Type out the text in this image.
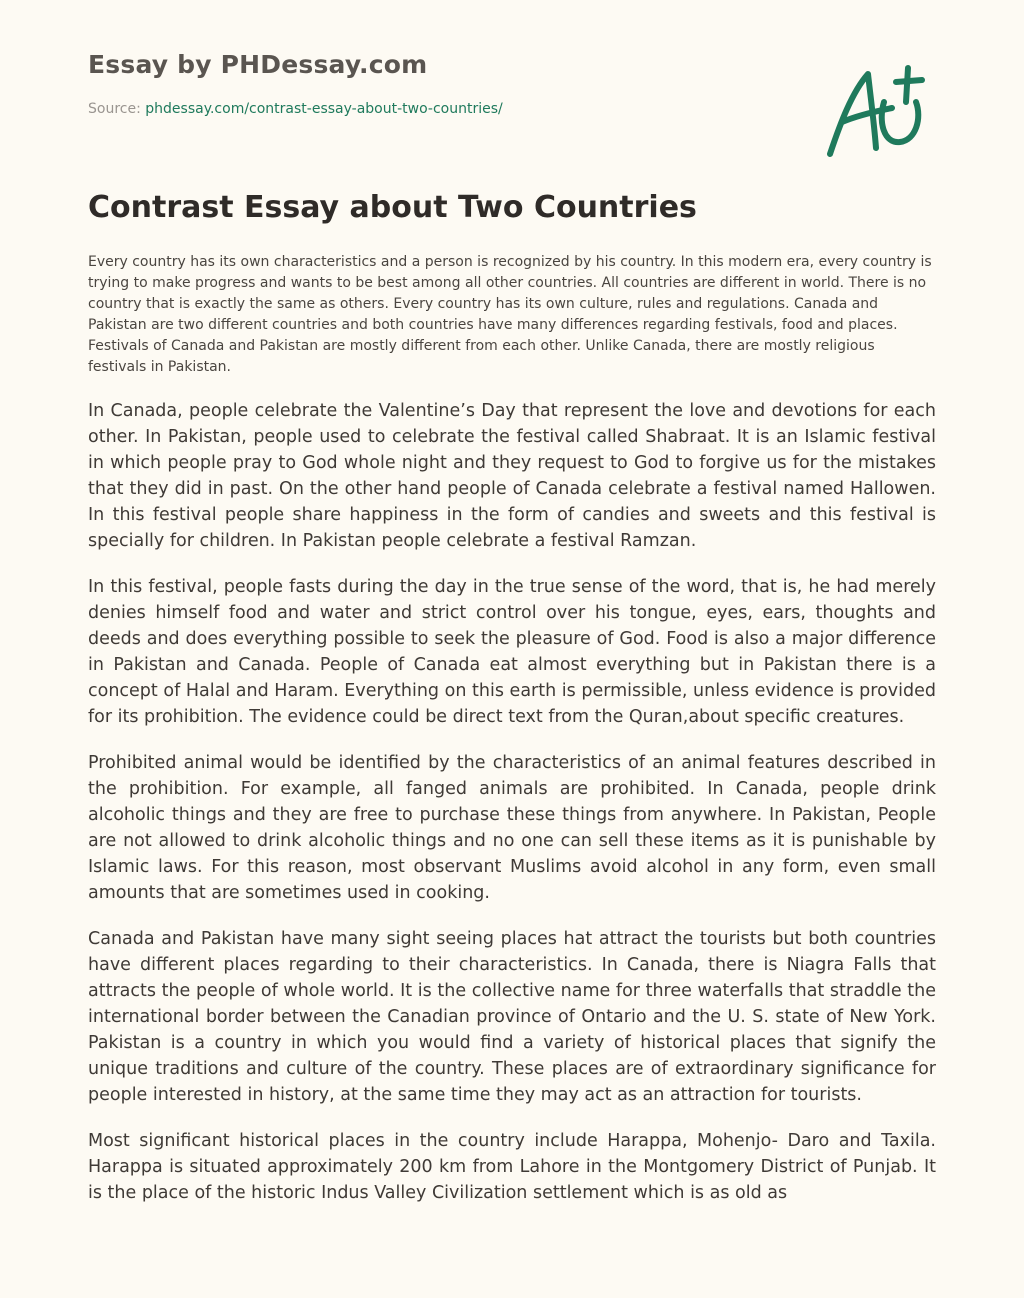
Essay by PHDessay.com
Source: phdessay.com/contrast-essay-about-two-countries/
Contrast Essay about Two Countries

Every country has its own characteristics and a person is recognized by his country. In this modern era, every country is trying to make progress and wants to be best among all other countries. All countries are different in world. There is no country that is exactly the same as others. Every country has its own culture, rules and regulations. Canada and Pakistan are two different countries and both countries have many differences regarding festivals, food and places. Festivals of Canada and Pakistan are mostly different from each other. Unlike Canada, there are mostly religious festivals in Pakistan.

In Canada, people celebrate the Valentine’s Day that represent the love and devotions for each other. In Pakistan, people used to celebrate the festival called Shabraat. It is an Islamic festival in which people pray to God whole night and they request to God to forgive us for the mistakes that they did in past. On the other hand people of Canada celebrate a festival named Hallowen. In this festival people share happiness in the form of candies and sweets and this festival is specially for children. In Pakistan people celebrate a festival Ramzan.

In this festival, people fasts during the day in the true sense of the word, that is, he had merely denies himself food and water and strict control over his tongue, eyes, ears, thoughts and deeds and does everything possible to seek the pleasure of God. Food is also a major difference in Pakistan and Canada. People of Canada eat almost everything but in Pakistan there is a concept of Halal and Haram. Everything on this earth is permissible, unless evidence is provided for its prohibition. The evidence could be direct text from the Quran,about specific creatures.

Prohibited animal would be identified by the characteristics of an animal features described in the prohibition. For example, all fanged animals are prohibited. In Canada, people drink alcoholic things and they are free to purchase these things from anywhere. In Pakistan, People are not allowed to drink alcoholic things and no one can sell these items as it is punishable by Islamic laws. For this reason, most observant Muslims avoid alcohol in any form, even small amounts that are sometimes used in cooking.

Canada and Pakistan have many sight seeing places hat attract the tourists but both countries have different places regarding to their characteristics. In Canada, there is Niagra Falls that attracts the people of whole world. It is the collective name for three waterfalls that straddle the international border between the Canadian province of Ontario and the U. S. state of New York. Pakistan is a country in which you would find a variety of historical places that signify the unique traditions and culture of the country. These places are of extraordinary significance for people interested in history, at the same time they may act as an attraction for tourists.

Most significant historical places in the country include Harappa, Mohenjo- Daro and Taxila. Harappa is situated approximately 200 km from Lahore in the Montgomery District of Punjab. It is the place of the historic Indus Valley Civilization settlement which is as old as
